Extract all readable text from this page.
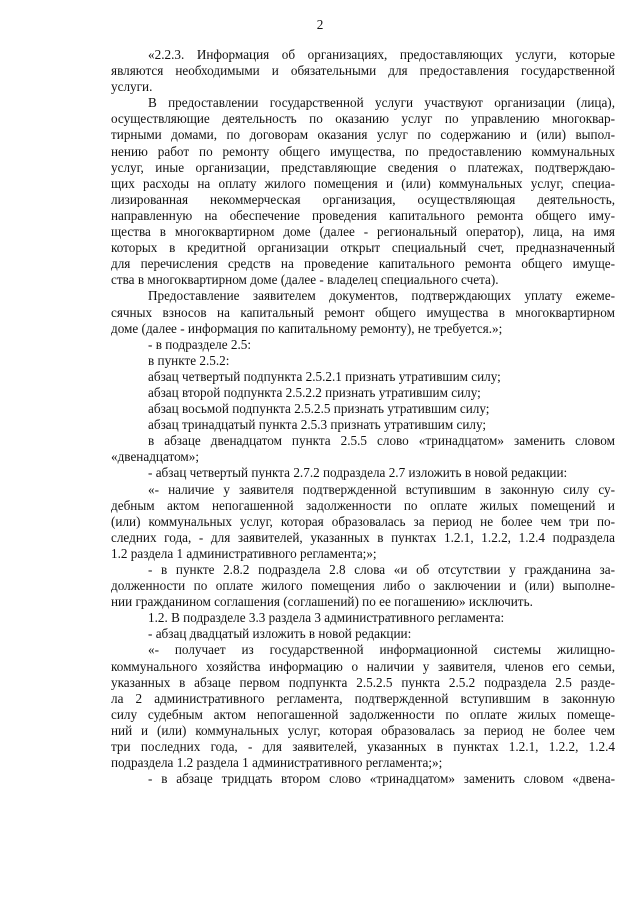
2
«2.2.3. Информация об организациях, предоставляющих услуги, которые
являются необходимыми и обязательными для предоставления государственной
услуги.
В предоставлении государственной услуги участвуют организации (лица),
осуществляющие деятельность по оказанию услуг по управлению многоквар-
тирными домами, по договорам оказания услуг по содержанию и (или) выпол-
нению работ по ремонту общего имущества, по предоставлению коммунальных
услуг, иные организации, представляющие сведения о платежах, подтверждаю-
щих расходы на оплату жилого помещения и (или) коммунальных услуг, специа-
лизированная некоммерческая организация, осуществляющая деятельность,
направленную на обеспечение проведения капитального ремонта общего иму-
щества в многоквартирном доме (далее - региональный оператор), лица, на имя
которых в кредитной организации открыт специальный счет, предназначенный
для перечисления средств на проведение капитального ремонта общего имуще-
ства в многоквартирном доме (далее - владелец специального счета).
Предоставление заявителем документов, подтверждающих уплату ежеме-
сячных взносов на капитальный ремонт общего имущества в многоквартирном
доме (далее - информация по капитальному ремонту), не требуется.»;
- в подразделе 2.5:
в пункте 2.5.2:
абзац четвертый подпункта 2.5.2.1 признать утратившим силу;
абзац второй подпункта 2.5.2.2 признать утратившим силу;
абзац восьмой подпункта 2.5.2.5 признать утратившим силу;
абзац тринадцатый пункта 2.5.3 признать утратившим силу;
в абзаце двенадцатом пункта 2.5.5 слово «тринадцатом» заменить словом
«двенадцатом»;
- абзац четвертый пункта 2.7.2 подраздела 2.7 изложить в новой редакции:
«- наличие у заявителя подтвержденной вступившим в законную силу су-
дебным актом непогашенной задолженности по оплате жилых помещений и
(или) коммунальных услуг, которая образовалась за период не более чем три по-
следних года, - для заявителей, указанных в пунктах 1.2.1, 1.2.2, 1.2.4 подраздела
1.2 раздела 1 административного регламента;»;
- в пункте 2.8.2 подраздела 2.8 слова «и об отсутствии у гражданина за-
долженности по оплате жилого помещения либо о заключении и (или) выполне-
нии гражданином соглашения (соглашений) по ее погашению» исключить.
1.2. В подразделе 3.3 раздела 3 административного регламента:
- абзац двадцатый изложить в новой редакции:
«- получает из государственной информационной системы жилищно-
коммунального хозяйства информацию о наличии у заявителя, членов его семьи,
указанных в абзаце первом подпункта 2.5.2.5 пункта 2.5.2 подраздела 2.5 разде-
ла 2 административного регламента, подтвержденной вступившим в законную
силу судебным актом непогашенной задолженности по оплате жилых помеще-
ний и (или) коммунальных услуг, которая образовалась за период не более чем
три последних года, - для заявителей, указанных в пунктах 1.2.1, 1.2.2, 1.2.4
подраздела 1.2 раздела 1 административного регламента;»;
- в абзаце тридцать втором слово «тринадцатом» заменить словом «двена-
